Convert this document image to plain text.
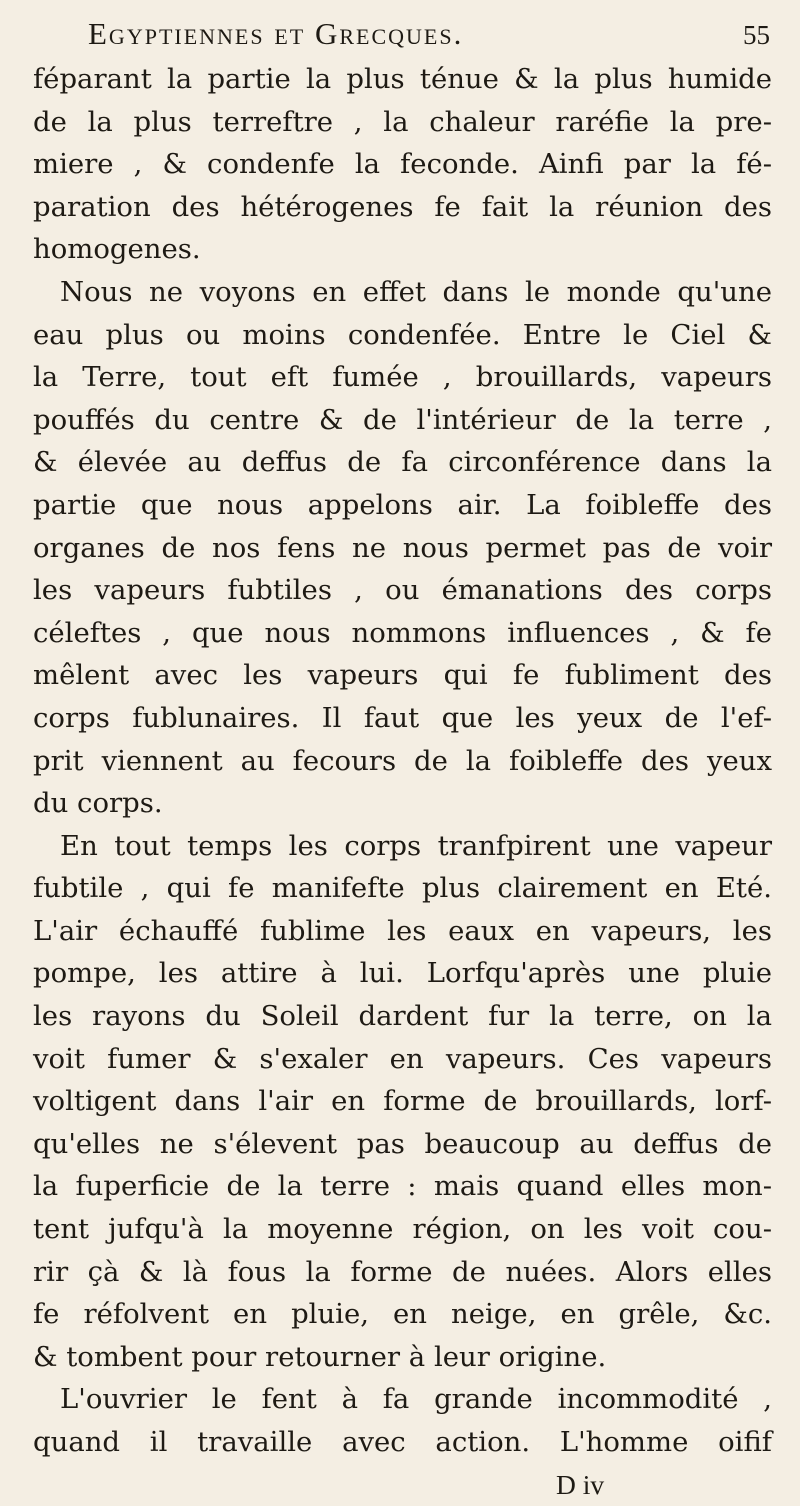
Egyptiennes et Grecques.	55
féparant la partie la plus ténue & la plus humide
de la plus terreftre , la chaleur raréfie la pre-
miere , & condenfe la feconde. Ainfi par la fé-
paration des hétérogenes fe fait la réunion des
homogenes.
Nous ne voyons en effet dans le monde qu'une
eau plus ou moins condenfée. Entre le Ciel &
la Terre, tout eft fumée , brouillards, vapeurs
pouffés du centre & de l'intérieur de la terre ,
& élevée au deffus de fa circonférence dans la
partie que nous appelons air. La foibleffe des
organes de nos fens ne nous permet pas de voir
les vapeurs fubtiles , ou émanations des corps
céleftes , que nous nommons influences , & fe
mêlent avec les vapeurs qui fe fubliment des
corps fublunaires. Il faut que les yeux de l'ef-
prit viennent au fecours de la foibleffe des yeux
du corps.
En tout temps les corps tranfpirent une vapeur
fubtile , qui fe manifefte plus clairement en Eté.
L'air échauffé fublime les eaux en vapeurs, les
pompe, les attire à lui. Lorfqu'après une pluie
les rayons du Soleil dardent fur la terre, on la
voit fumer & s'exaler en vapeurs. Ces vapeurs
voltigent dans l'air en forme de brouillards, lorf-
qu'elles ne s'élevent pas beaucoup au deffus de
la fuperficie de la terre : mais quand elles mon-
tent jufqu'à la moyenne région, on les voit cou-
rir çà & là fous la forme de nuées. Alors elles
fe réfolvent en pluie, en neige, en grêle, &c.
& tombent pour retourner à leur origine.
L'ouvrier le fent à fa grande incommodité ,
quand il travaille avec action. L'homme oifif
D iv
